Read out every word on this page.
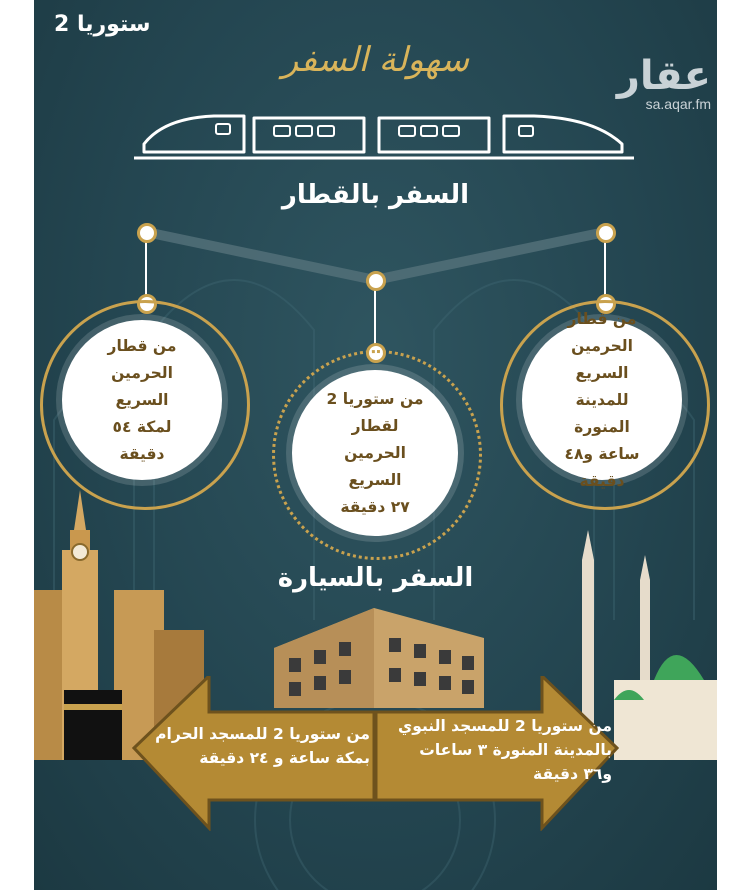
ستوريا 2
سهولة السفر	عقار
sa.aqar.fm
السفر بالقطار
من قطار
الحرمين السريع
لمكة ٥٤ دقيقة
من ستوريا 2
لقطار الحرمين
السريع
٢٧ دقيقة
من قطار
الحرمين السريع
للمدينة المنورة
ساعة و٤٨
دقيقة
السفر بالسيارة
من ستوريا 2 للمسجد الحرام
بمكة ساعة و ٢٤ دقيقة
من ستوريا 2 للمسجد النبوي
بالمدينة المنورة ٣ ساعات
و٣٦ دقيقة
